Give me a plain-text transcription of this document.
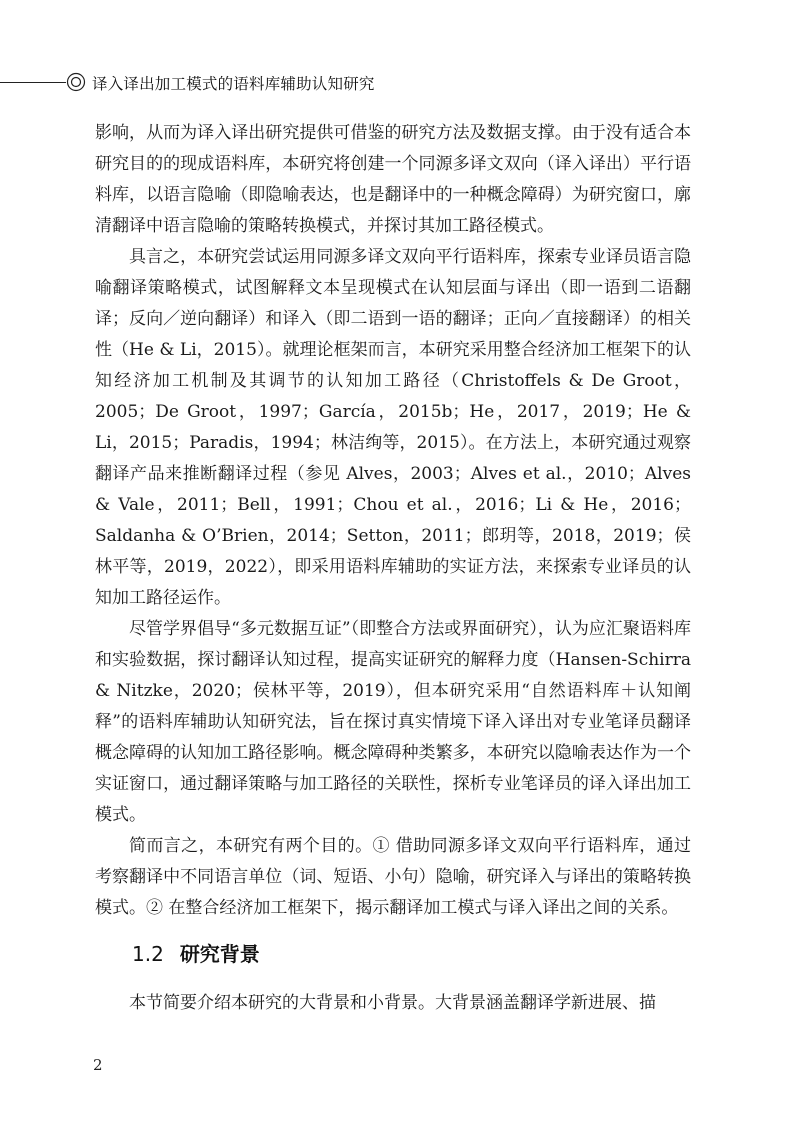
译入译出加工模式的语料库辅助认知研究

影响，从而为译入译出研究提供可借鉴的研究方法及数据支撑。由于没有适合本研究目的的现成语料库，本研究将创建一个同源多译文双向（译入译出）平行语料库，以语言隐喻（即隐喻表达，也是翻译中的一种概念障碍）为研究窗口，廓清翻译中语言隐喻的策略转换模式，并探讨其加工路径模式。

具言之，本研究尝试运用同源多译文双向平行语料库，探索专业译员语言隐喻翻译策略模式，试图解释文本呈现模式在认知层面与译出（即一语到二语翻译；反向／逆向翻译）和译入（即二语到一语的翻译；正向／直接翻译）的相关性（He & Li，2015）。就理论框架而言，本研究采用整合经济加工框架下的认知经济加工机制及其调节的认知加工路径（Christoffels & De Groot，2005；De Groot，1997；García，2015b；He，2017，2019；He & Li，2015；Paradis，1994；林洁绚等，2015）。在方法上，本研究通过观察翻译产品来推断翻译过程（参见 Alves，2003；Alves et al.，2010；Alves & Vale，2011；Bell，1991；Chou et al.，2016；Li & He，2016；Saldanha & O’Brien，2014；Setton，2011；郎玥等，2018，2019；侯林平等，2019，2022），即采用语料库辅助的实证方法，来探索专业译员的认知加工路径运作。

尽管学界倡导“多元数据互证”（即整合方法或界面研究），认为应汇聚语料库和实验数据，探讨翻译认知过程，提高实证研究的解释力度（Hansen-Schirra & Nitzke，2020；侯林平等，2019），但本研究采用“自然语料库＋认知阐释”的语料库辅助认知研究法，旨在探讨真实情境下译入译出对专业笔译员翻译概念障碍的认知加工路径影响。概念障碍种类繁多，本研究以隐喻表达作为一个实证窗口，通过翻译策略与加工路径的关联性，探析专业笔译员的译入译出加工模式。

简而言之，本研究有两个目的。① 借助同源多译文双向平行语料库，通过考察翻译中不同语言单位（词、短语、小句）隐喻，研究译入与译出的策略转换模式。② 在整合经济加工框架下，揭示翻译加工模式与译入译出之间的关系。

1.2 研究背景

本节简要介绍本研究的大背景和小背景。大背景涵盖翻译学新进展、描

2
